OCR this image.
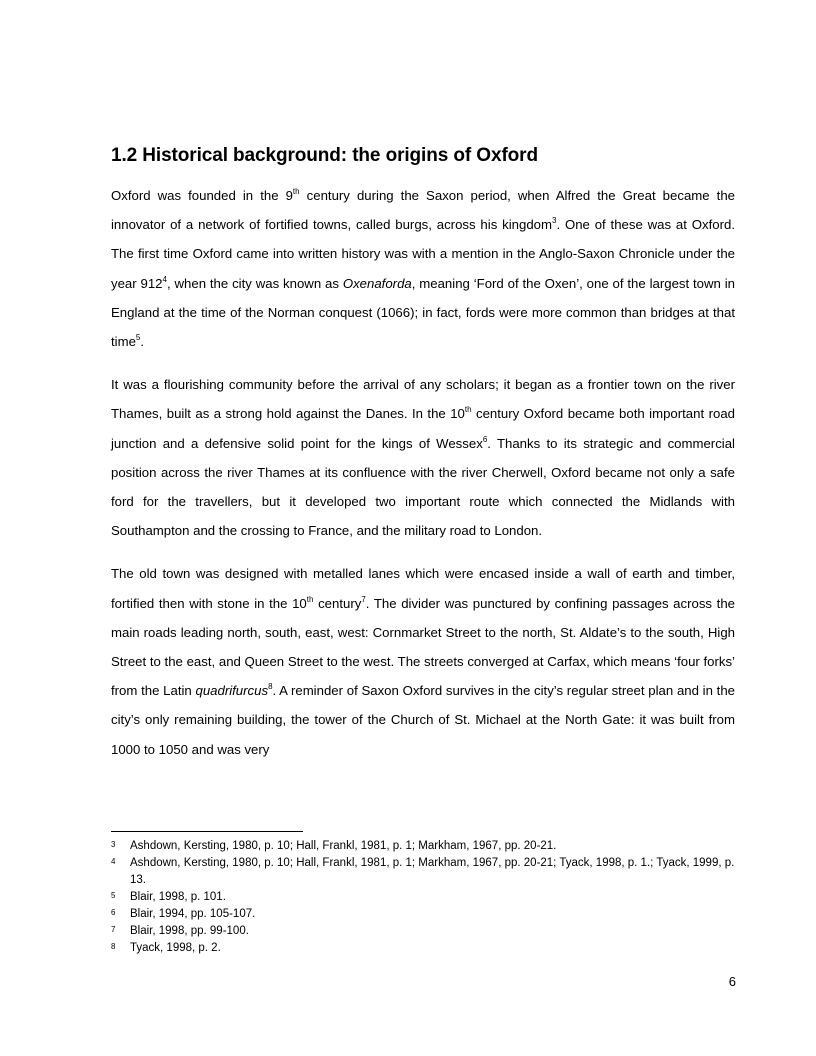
1.2 Historical background: the origins of Oxford

Oxford was founded in the 9th century during the Saxon period, when Alfred the Great became the innovator of a network of fortified towns, called burgs, across his kingdom$^3$. One of these was at Oxford. The first time Oxford came into written history was with a mention in the Anglo-Saxon Chronicle under the year $912^4$, when the city was known as Oxenaforda, meaning ‘Ford of the Oxen’, one of the largest town in England at the time of the Norman conquest (1066); in fact, fords were more common than bridges at that time$^5$.

It was a flourishing community before the arrival of any scholars; it began as a frontier town on the river Thames, built as a strong hold against the Danes. In the 10th century Oxford became both important road junction and a defensive solid point for the kings of Wessex$^6$. Thanks to its strategic and commercial position across the river Thames at its confluence with the river Cherwell, Oxford became not only a safe ford for the travellers, but it developed two important route which connected the Midlands with Southampton and the crossing to France, and the military road to London.

The old town was designed with metalled lanes which were encased inside a wall of earth and timber, fortified then with stone in the 10th century$^7$. The divider was punctured by confining passages across the main roads leading north, south, east, west: Cornmarket Street to the north, St. Aldate’s to the south, High Street to the east, and Queen Street to the west. The streets converged at Carfax, which means ‘four forks’ from the Latin quadrifurcus$^8$. A reminder of Saxon Oxford survives in the city’s regular street plan and in the city’s only remaining building, the tower of the Church of St. Michael at the North Gate: it was built from 1000 to 1050 and was very

3	Ashdown, Kersting, 1980, p. 10; Hall, Frankl, 1981, p. 1; Markham, 1967, pp. 20-21.
4	Ashdown, Kersting, 1980, p. 10; Hall, Frankl, 1981, p. 1; Markham, 1967, pp. 20-21; Tyack, 1998, p. 1.; Tyack, 1999, p. 13.
5	Blair, 1998, p. 101.
6	Blair, 1994, pp. 105-107.
7	Blair, 1998, pp. 99-100.
8	Tyack, 1998, p. 2.
6
